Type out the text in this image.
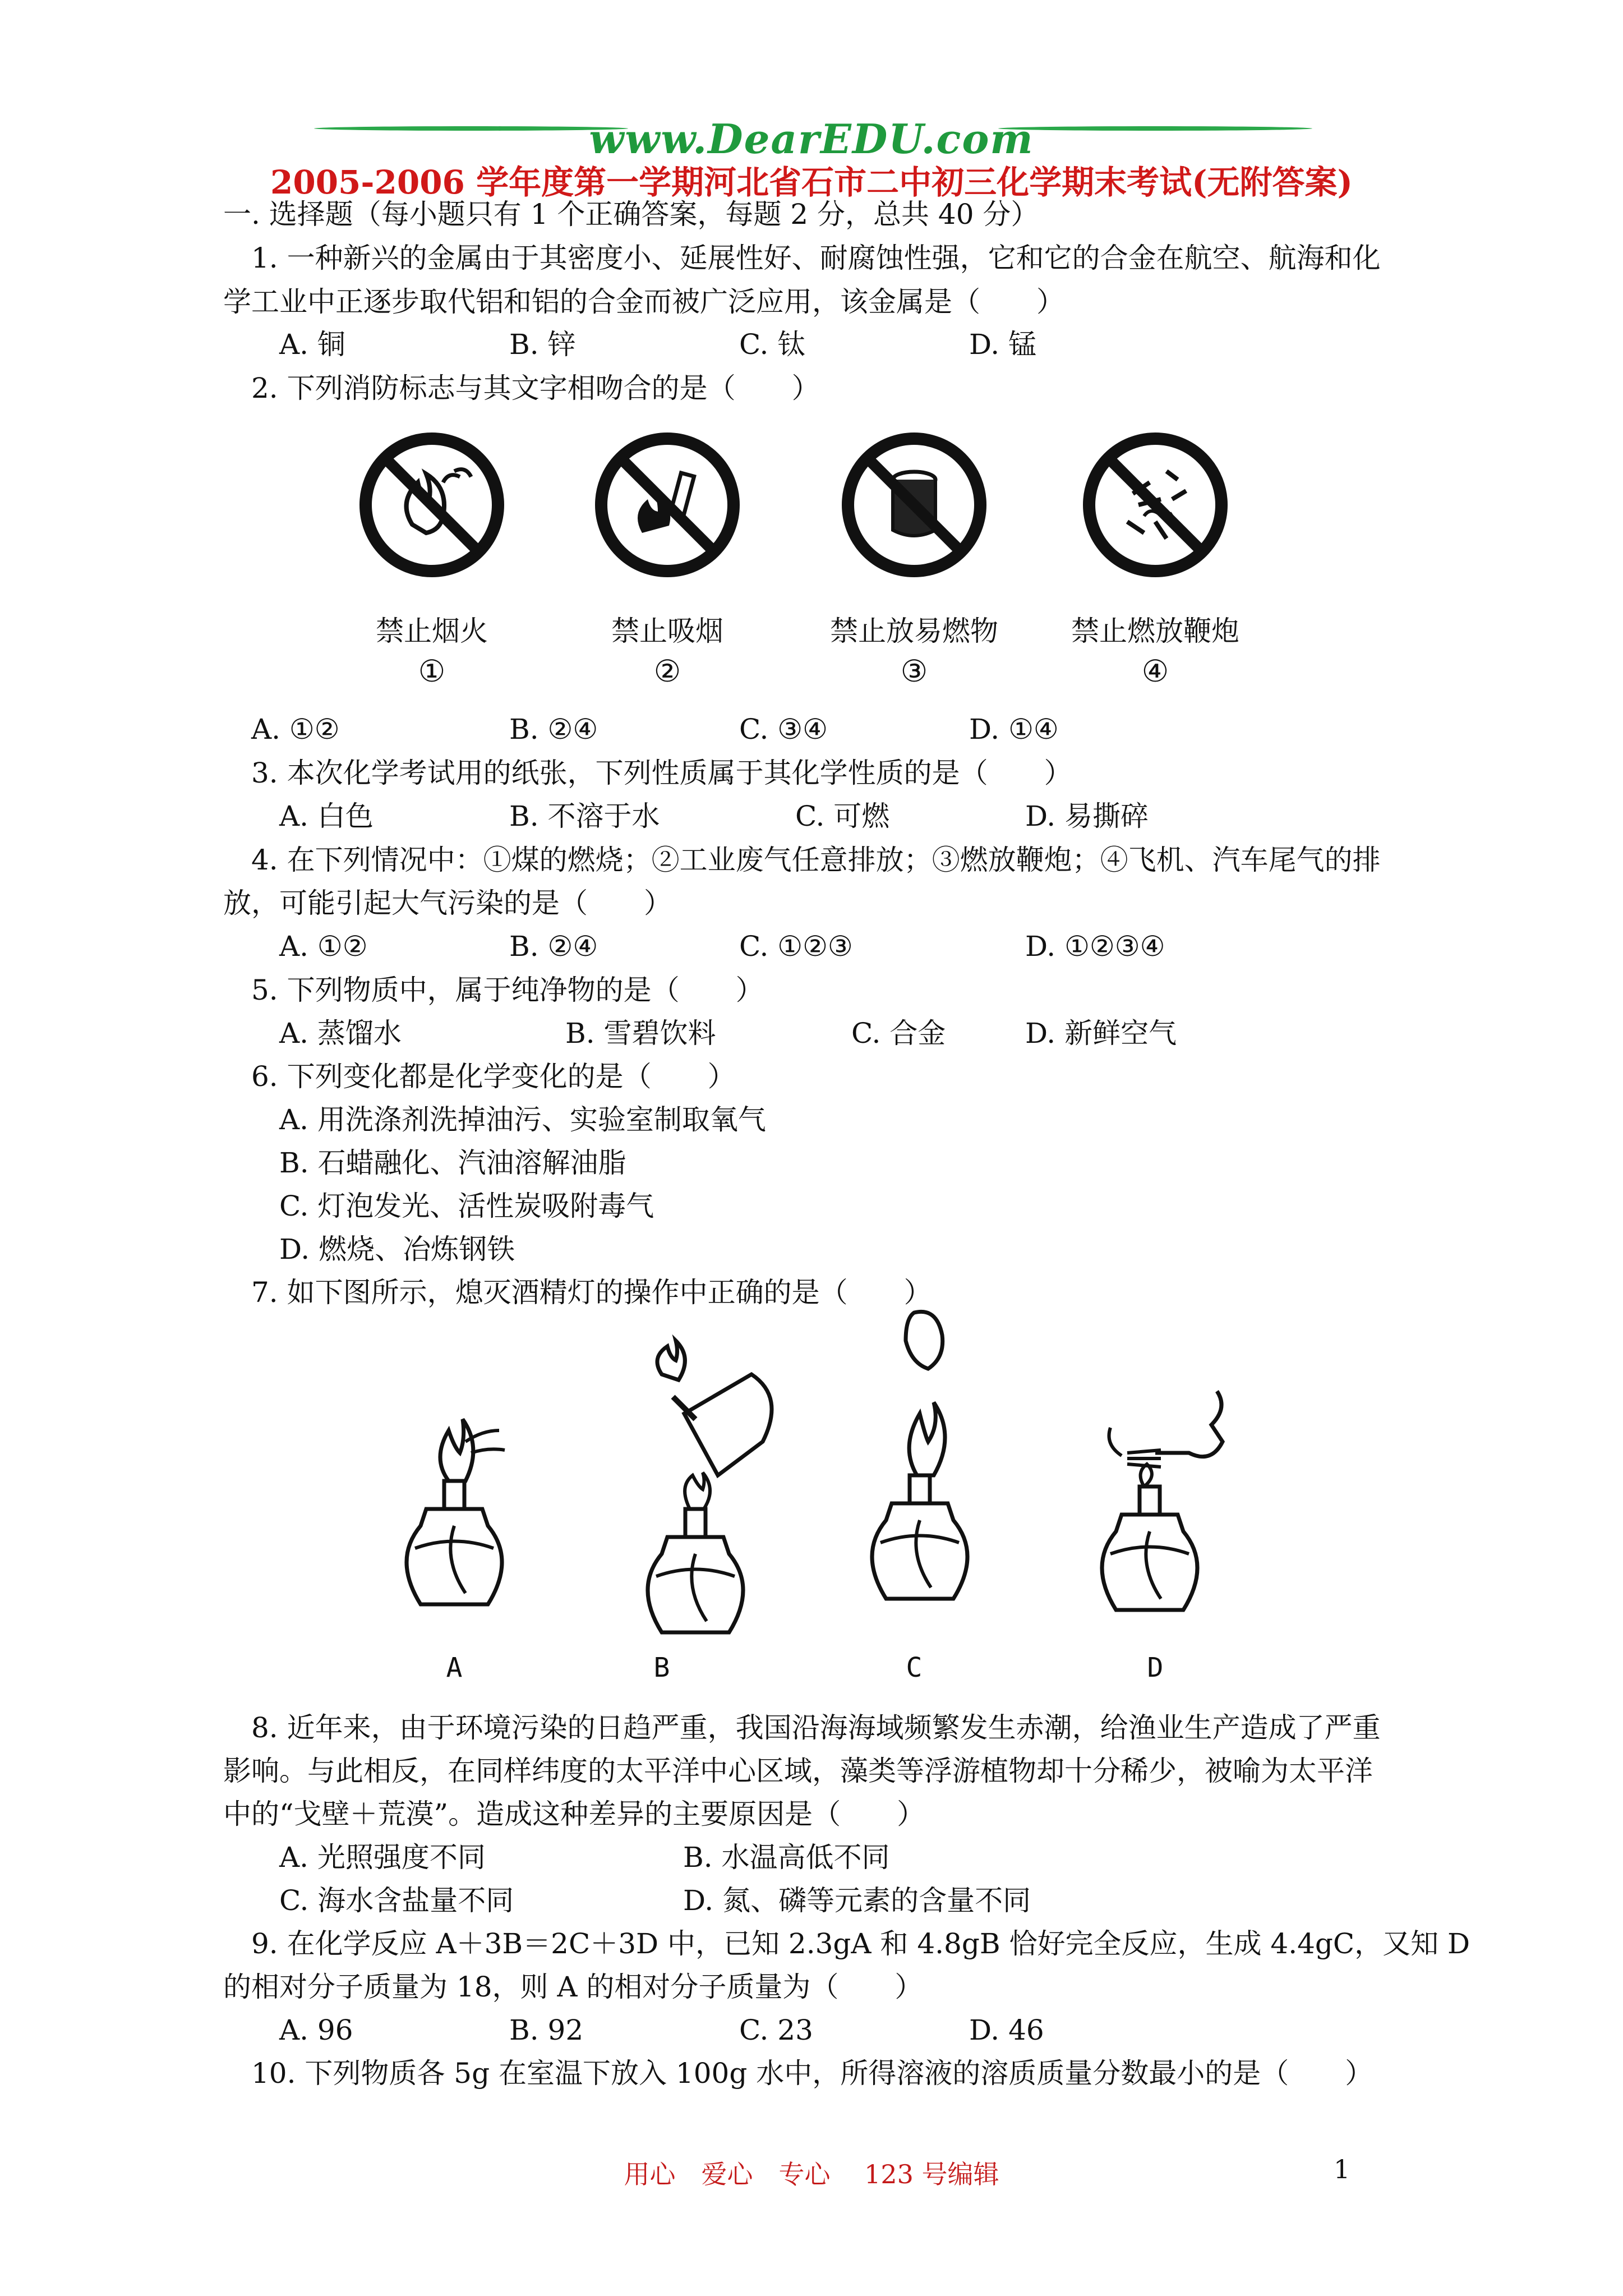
www.DearEDU.com
2005-2006 学年度第一学期河北省石市二中初三化学期末考试(无附答案)
一. 选择题（每小题只有 1 个正确答案，每题 2 分，总共 40 分）
1. 一种新兴的金属由于其密度小、延展性好、耐腐蚀性强，它和它的合金在航空、航海和化
学工业中正逐步取代铝和铝的合金而被广泛应用，该金属是（　　）
A. 铜	B. 锌	C. 钛	D. 锰
2. 下列消防标志与其文字相吻合的是（　　）
禁止烟火	禁止吸烟	禁止放易燃物	禁止燃放鞭炮
①	②	③	④
A. ①②	B. ②④	C. ③④	D. ①④
3. 本次化学考试用的纸张，下列性质属于其化学性质的是（　　）
A. 白色	B. 不溶于水	C. 可燃	D. 易撕碎
4. 在下列情况中：①煤的燃烧；②工业废气任意排放；③燃放鞭炮；④飞机、汽车尾气的排
放，可能引起大气污染的是（　　）
A. ①②	B. ②④	C. ①②③	D. ①②③④
5. 下列物质中，属于纯净物的是（　　）
A. 蒸馏水	B. 雪碧饮料	C. 合金	D. 新鲜空气
6. 下列变化都是化学变化的是（　　）
A. 用洗涤剂洗掉油污、实验室制取氧气
B. 石蜡融化、汽油溶解油脂
C. 灯泡发光、活性炭吸附毒气
D. 燃烧、冶炼钢铁
7. 如下图所示，熄灭酒精灯的操作中正确的是（　　）
A	B	C	D
8. 近年来，由于环境污染的日趋严重，我国沿海海域频繁发生赤潮，给渔业生产造成了严重
影响。与此相反，在同样纬度的太平洋中心区域，藻类等浮游植物却十分稀少，被喻为太平洋
中的“戈壁＋荒漠”。造成这种差异的主要原因是（　　）
A. 光照强度不同	B. 水温高低不同
C. 海水含盐量不同	D. 氮、磷等元素的含量不同
9. 在化学反应 A＋3B＝2C＋3D 中，已知 2.3gA 和 4.8gB 恰好完全反应，生成 4.4gC，又知 D
的相对分子质量为 18，则 A 的相对分子质量为（　　）
A. 96	B. 92	C. 23	D. 46
10. 下列物质各 5g 在室温下放入 100g 水中，所得溶液的溶质质量分数最小的是（　　）
用心　爱心　专心　 123 号编辑	1
